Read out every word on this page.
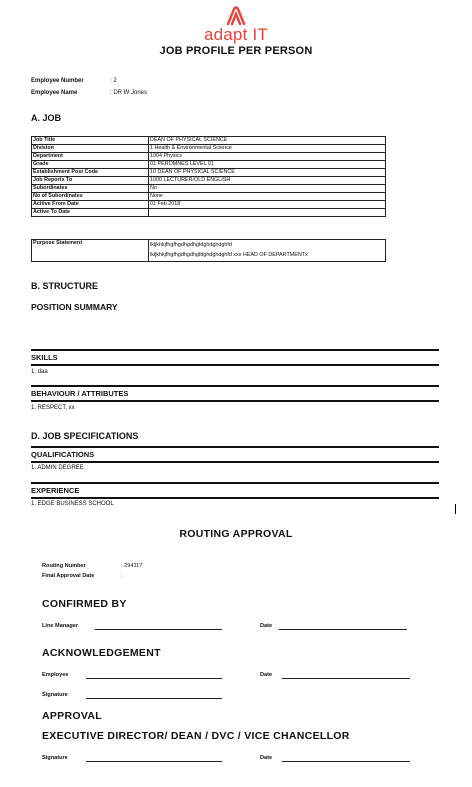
adapt IT
JOB PROFILE PER PERSON
Employee Number	: 2
Employee Name	: DR W Jones
A. JOB
Job Title	DEAN OF PHYSICAL SCIENCE
Division	1 Health & Environmental Science
Department	1004 Physics
Grade	01 PEROMNES LEVEL 01
Establishment Post Code	10 DEAN OF PHYSICAL SCIENCE
Job Reports To	1000 LECTURER/OLD ENGLISH
Subordinates	No
No of Subordinates	None
Acitive From Date	01 Feb 2018
Active To Date	
Purpose Statement	lkljkhkjfhgfhgdhgdhgfdghdghdghfd
lkljkhkjfhgfhgdhgdhgfdghdghdghfd xxx HEAD OF DEPARTMENTx
B. STRUCTURE
POSITION SUMMARY
SKILLS
1. daa
BEHAVIOUR / ATTRIBUTES
1. RESPECT, xx
D. JOB SPECIFICATIONS
QUALIFICATIONS
1. ADMIN DEGREE
EXPERIENCE
1. EDGE BUSINESS SCHOOL
ROUTING APPROVAL
Routing Number	: 294117
Final Approval Date	:
CONFIRMED BY
Line Manager	Date
ACKNOWLEDGEMENT
Employee	Date
Signature
APPROVAL
EXECUTIVE DIRECTOR/ DEAN / DVC / VICE CHANCELLOR
Signature	Date
